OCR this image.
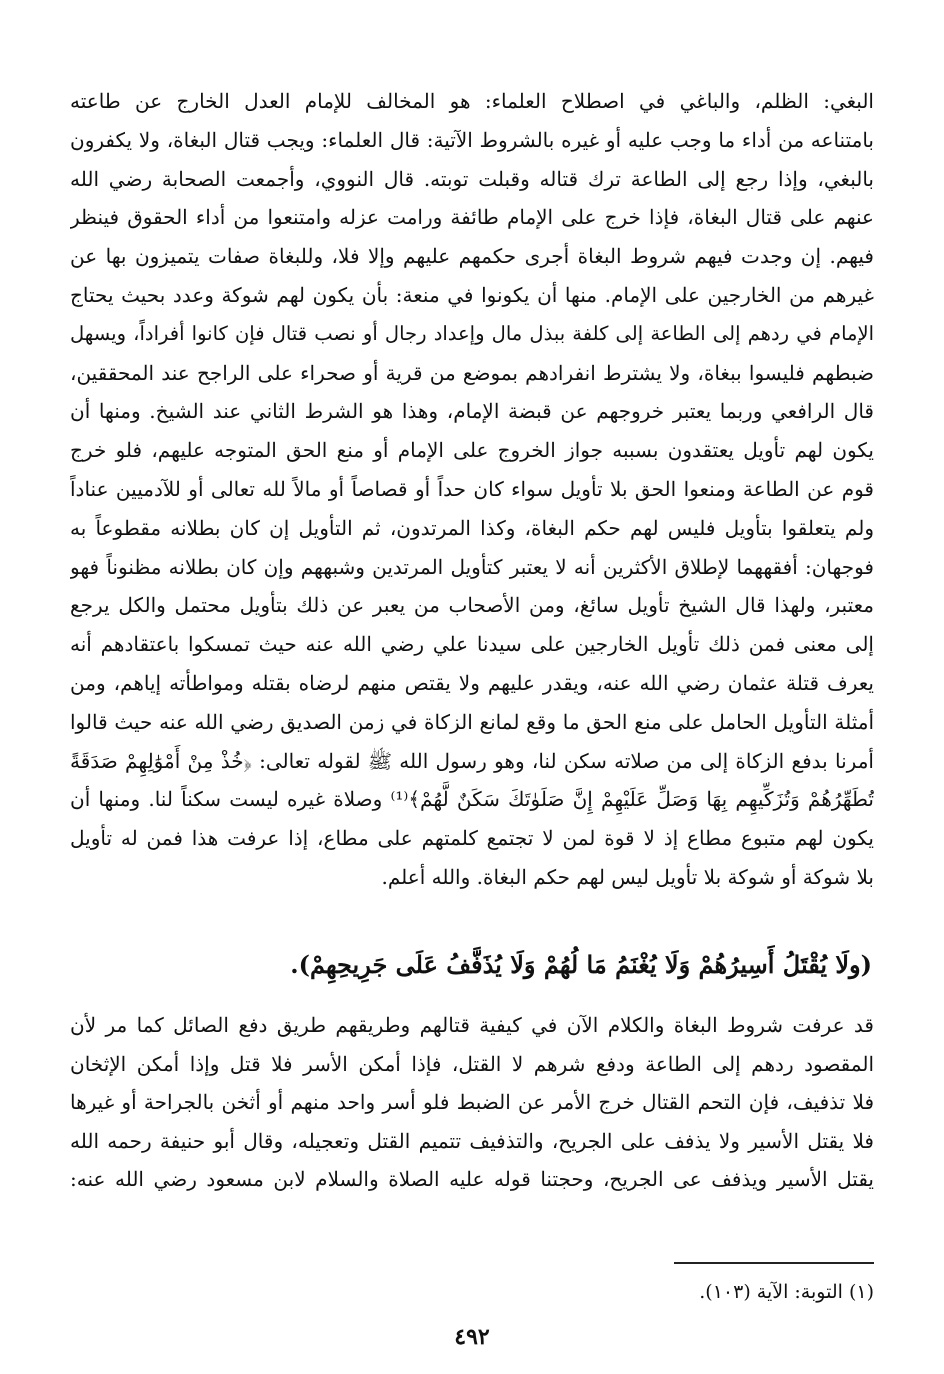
البغي: الظلم، والباغي في اصطلاح العلماء: هو المخالف للإمام العدل الخارج عن طاعته
بامتناعه من أداء ما وجب عليه أو غيره بالشروط الآتية: قال العلماء: ويجب قتال البغاة، ولا يكفرون
بالبغي، وإذا رجع إلى الطاعة ترك قتاله وقبلت توبته. قال النووي، وأجمعت الصحابة رضي الله
عنهم على قتال البغاة، فإذا خرج على الإمام طائفة ورامت عزله وامتنعوا من أداء الحقوق فينظر
فيهم. إن وجدت فيهم شروط البغاة أجرى حكمهم عليهم وإلا فلا، وللبغاة صفات يتميزون بها عن
غيرهم من الخارجين على الإمام. منها أن يكونوا في منعة: بأن يكون لهم شوكة وعدد بحيث يحتاج
الإمام في ردهم إلى الطاعة إلى كلفة ببذل مال وإعداد رجال أو نصب قتال فإن كانوا أفراداً، ويسهل
ضبطهم فليسوا ببغاة، ولا يشترط انفرادهم بموضع من قرية أو صحراء على الراجح عند المحققين،
قال الرافعي وربما يعتبر خروجهم عن قبضة الإمام، وهذا هو الشرط الثاني عند الشيخ. ومنها أن
يكون لهم تأويل يعتقدون بسببه جواز الخروج على الإمام أو منع الحق المتوجه عليهم، فلو خرج
قوم عن الطاعة ومنعوا الحق بلا تأويل سواء كان حداً أو قصاصاً أو مالاً لله تعالى أو للآدميين عناداً
ولم يتعلقوا بتأويل فليس لهم حكم البغاة، وكذا المرتدون، ثم التأويل إن كان بطلانه مقطوعاً به
فوجهان: أفقههما لإطلاق الأكثرين أنه لا يعتبر كتأويل المرتدين وشبههم وإن كان بطلانه مظنوناً فهو
معتبر، ولهذا قال الشيخ تأويل سائغ، ومن الأصحاب من يعبر عن ذلك بتأويل محتمل والكل يرجع
إلى معنى فمن ذلك تأويل الخارجين على سيدنا علي رضي الله عنه حيث تمسكوا باعتقادهم أنه
يعرف قتلة عثمان رضي الله عنه، ويقدر عليهم ولا يقتص منهم لرضاه بقتله ومواطأته إياهم، ومن
أمثلة التأويل الحامل على منع الحق ما وقع لمانع الزكاة في زمن الصديق رضي الله عنه حيث قالوا
أمرنا بدفع الزكاة إلى من صلاته سكن لنا، وهو رسول الله ﷺ لقوله تعالى: ﴿خُذْ مِنْ أَمْوَٰلِهِمْ صَدَقَةً
تُطَهِّرُهُمْ وَتُزَكِّيهِم بِهَا وَصَلِّ عَلَيْهِمْ إِنَّ صَلَوٰتَكَ سَكَنٌ لَّهُمْ﴾⁽¹⁾ وصلاة غيره ليست سكناً لنا. ومنها أن
يكون لهم متبوع مطاع إذ لا قوة لمن لا تجتمع كلمتهم على مطاع، إذا عرفت هذا فمن له تأويل
بلا شوكة أو شوكة بلا تأويل ليس لهم حكم البغاة. والله أعلم.
(ولَا يُقْتَلُ أَسِيرُهُمْ وَلَا يُغْنَمُ مَا لُهُمْ وَلَا يُذَفَّفُ عَلَى جَرِيحِهِمْ).
قد عرفت شروط البغاة والكلام الآن في كيفية قتالهم وطريقهم طريق دفع الصائل كما مر لأن
المقصود ردهم إلى الطاعة ودفع شرهم لا القتل، فإذا أمكن الأسر فلا قتل وإذا أمكن الإثخان
فلا تذفيف، فإن التحم القتال خرج الأمر عن الضبط فلو أسر واحد منهم أو أثخن بالجراحة أو غيرها
فلا يقتل الأسير ولا يذفف على الجريح، والتذفيف تتميم القتل وتعجيله، وقال أبو حنيفة رحمه الله
يقتل الأسير ويذفف عى الجريح، وحجتنا قوله عليه الصلاة والسلام لابن مسعود رضي الله عنه:
(١) التوبة: الآية (١٠٣).
٤٩٢
